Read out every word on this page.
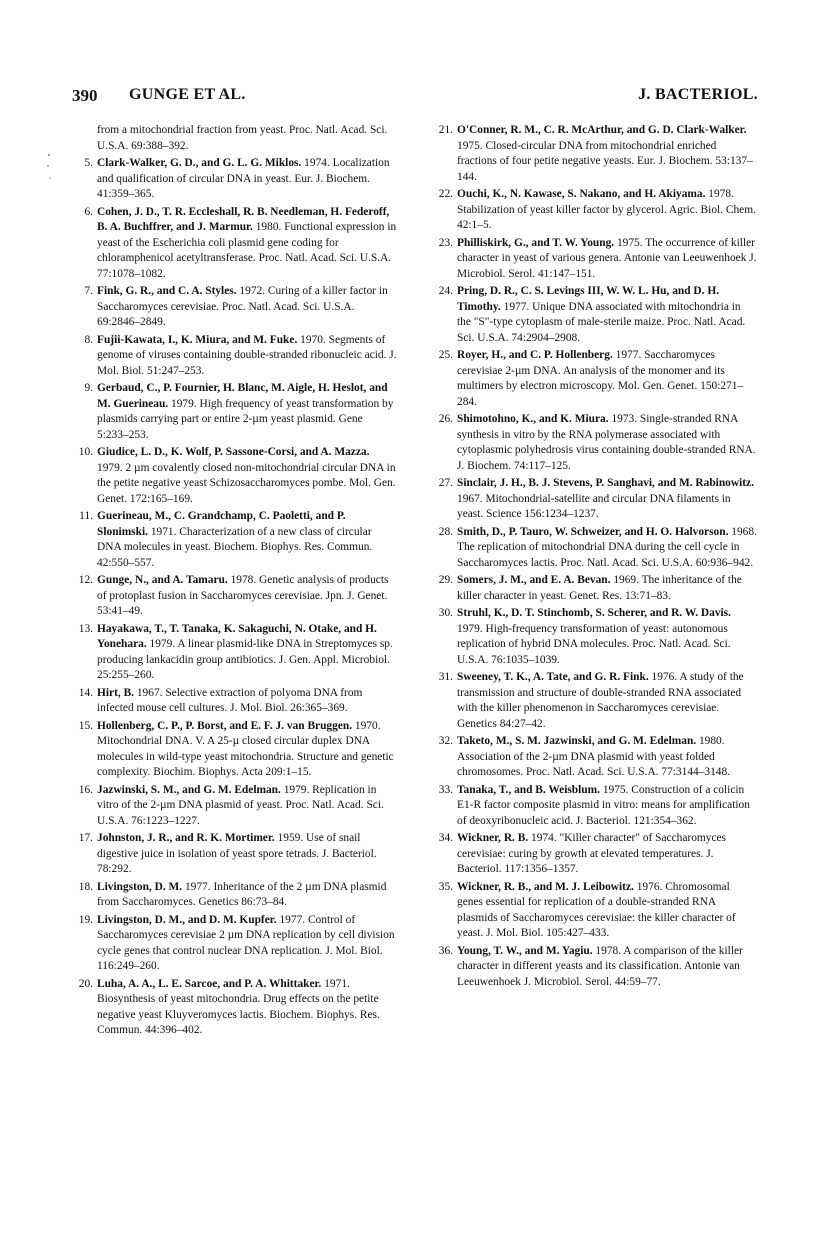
390 GUNGE ET AL.	J. BACTERIOL.
from a mitochondrial fraction from yeast. Proc. Natl. Acad. Sci. U.S.A. 69:388–392.
5. Clark-Walker, G. D., and G. L. G. Miklos. 1974. Localization and qualification of circular DNA in yeast. Eur. J. Biochem. 41:359–365.
6. Cohen, J. D., T. R. Eccleshall, R. B. Needleman, H. Federoff, B. A. Buchffrer, and J. Marmur. 1980. Functional expression in yeast of the Escherichia coli plasmid gene coding for chloramphenicol acetyltransferase. Proc. Natl. Acad. Sci. U.S.A. 77:1078–1082.
7. Fink, G. R., and C. A. Styles. 1972. Curing of a killer factor in Saccharomyces cerevisiae. Proc. Natl. Acad. Sci. U.S.A. 69:2846–2849.
8. Fujii-Kawata, I., K. Miura, and M. Fuke. 1970. Segments of genome of viruses containing double-stranded ribonucleic acid. J. Mol. Biol. 51:247–253.
9. Gerbaud, C., P. Fournier, H. Blanc, M. Aigle, H. Heslot, and M. Guerineau. 1979. High frequency of yeast transformation by plasmids carrying part or entire 2-µm yeast plasmid. Gene 5:233–253.
10. Giudice, L. D., K. Wolf, P. Sassone-Corsi, and A. Mazza. 1979. 2 µm covalently closed non-mitochondrial circular DNA in the petite negative yeast Schizosaccharomyces pombe. Mol. Gen. Genet. 172:165–169.
11. Guerineau, M., C. Grandchamp, C. Paoletti, and P. Slonimski. 1971. Characterization of a new class of circular DNA molecules in yeast. Biochem. Biophys. Res. Commun. 42:550–557.
12. Gunge, N., and A. Tamaru. 1978. Genetic analysis of products of protoplast fusion in Saccharomyces cerevisiae. Jpn. J. Genet. 53:41–49.
13. Hayakawa, T., T. Tanaka, K. Sakaguchi, N. Otake, and H. Yonehara. 1979. A linear plasmid-like DNA in Streptomyces sp. producing lankacidin group antibiotics. J. Gen. Appl. Microbiol. 25:255–260.
14. Hirt, B. 1967. Selective extraction of polyoma DNA from infected mouse cell cultures. J. Mol. Biol. 26:365–369.
15. Hollenberg, C. P., P. Borst, and E. F. J. van Bruggen. 1970. Mitochondrial DNA. V. A 25-µ closed circular duplex DNA molecules in wild-type yeast mitochondria. Structure and genetic complexity. Biochim. Biophys. Acta 209:1–15.
16. Jazwinski, S. M., and G. M. Edelman. 1979. Replication in vitro of the 2-µm DNA plasmid of yeast. Proc. Natl. Acad. Sci. U.S.A. 76:1223–1227.
17. Johnston, J. R., and R. K. Mortimer. 1959. Use of snail digestive juice in isolation of yeast spore tetrads. J. Bacteriol. 78:292.
18. Livingston, D. M. 1977. Inheritance of the 2 µm DNA plasmid from Saccharomyces. Genetics 86:73–84.
19. Livingston, D. M., and D. M. Kupfer. 1977. Control of Saccharomyces cerevisiae 2 µm DNA replication by cell division cycle genes that control nuclear DNA replication. J. Mol. Biol. 116:249–260.
20. Luha, A. A., L. E. Sarcoe, and P. A. Whittaker. 1971. Biosynthesis of yeast mitochondria. Drug effects on the petite negative yeast Kluyveromyces lactis. Biochem. Biophys. Res. Commun. 44:396–402.
21. O'Conner, R. M., C. R. McArthur, and G. D. Clark-Walker. 1975. Closed-circular DNA from mitochondrial enriched fractions of four petite negative yeasts. Eur. J. Biochem. 53:137–144.
22. Ouchi, K., N. Kawase, S. Nakano, and H. Akiyama. 1978. Stabilization of yeast killer factor by glycerol. Agric. Biol. Chem. 42:1–5.
23. Philliskirk, G., and T. W. Young. 1975. The occurrence of killer character in yeast of various genera. Antonie van Leeuwenhoek J. Microbiol. Serol. 41:147–151.
24. Pring, D. R., C. S. Levings III, W. W. L. Hu, and D. H. Timothy. 1977. Unique DNA associated with mitochondria in the "S"-type cytoplasm of male-sterile maize. Proc. Natl. Acad. Sci. U.S.A. 74:2904–2908.
25. Royer, H., and C. P. Hollenberg. 1977. Saccharomyces cerevisiae 2-µm DNA. An analysis of the monomer and its multimers by electron microscopy. Mol. Gen. Genet. 150:271–284.
26. Shimotohno, K., and K. Miura. 1973. Single-stranded RNA synthesis in vitro by the RNA polymerase associated with cytoplasmic polyhedrosis virus containing double-stranded RNA. J. Biochem. 74:117–125.
27. Sinclair, J. H., B. J. Stevens, P. Sanghavi, and M. Rabinowitz. 1967. Mitochondrial-satellite and circular DNA filaments in yeast. Science 156:1234–1237.
28. Smith, D., P. Tauro, W. Schweizer, and H. O. Halvorson. 1968. The replication of mitochondrial DNA during the cell cycle in Saccharomyces lactis. Proc. Natl. Acad. Sci. U.S.A. 60:936–942.
29. Somers, J. M., and E. A. Bevan. 1969. The inheritance of the killer character in yeast. Genet. Res. 13:71–83.
30. Struhl, K., D. T. Stinchomb, S. Scherer, and R. W. Davis. 1979. High-frequency transformation of yeast: autonomous replication of hybrid DNA molecules. Proc. Natl. Acad. Sci. U.S.A. 76:1035–1039.
31. Sweeney, T. K., A. Tate, and G. R. Fink. 1976. A study of the transmission and structure of double-stranded RNA associated with the killer phenomenon in Saccharomyces cerevisiae. Genetics 84:27–42.
32. Taketo, M., S. M. Jazwinski, and G. M. Edelman. 1980. Association of the 2-µm DNA plasmid with yeast folded chromosomes. Proc. Natl. Acad. Sci. U.S.A. 77:3144–3148.
33. Tanaka, T., and B. Weisblum. 1975. Construction of a colicin E1-R factor composite plasmid in vitro: means for amplification of deoxyribonucleic acid. J. Bacteriol. 121:354–362.
34. Wickner, R. B. 1974. "Killer character" of Saccharomyces cerevisiae: curing by growth at elevated temperatures. J. Bacteriol. 117:1356–1357.
35. Wickner, R. B., and M. J. Leibowitz. 1976. Chromosomal genes essential for replication of a double-stranded RNA plasmids of Saccharomyces cerevisiae: the killer character of yeast. J. Mol. Biol. 105:427–433.
36. Young, T. W., and M. Yagiu. 1978. A comparison of the killer character in different yeasts and its classification. Antonie van Leeuwenhoek J. Microbiol. Serol. 44:59–77.
